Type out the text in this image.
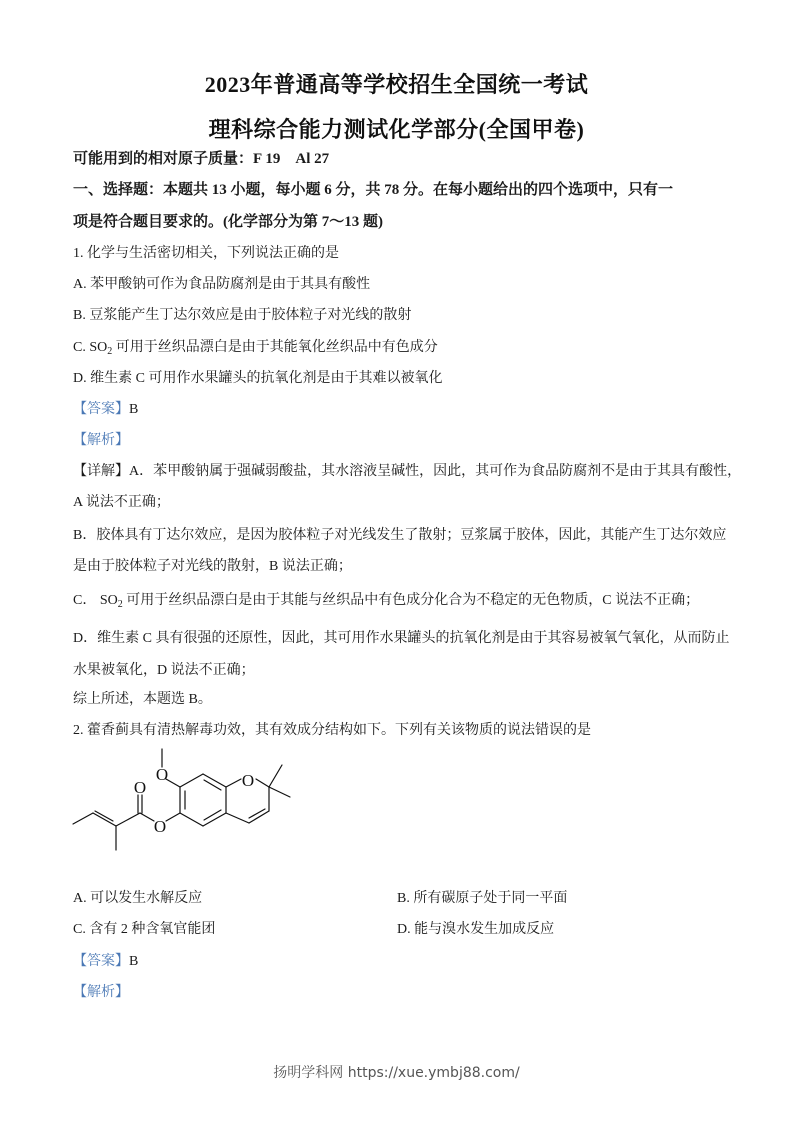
2023年普通高等学校招生全国统一考试
理科综合能力测试化学部分(全国甲卷)
可能用到的相对原子质量：F 19　Al 27
一、选择题：本题共 13 小题，每小题 6 分，共 78 分。在每小题给出的四个选项中，只有一
项是符合题目要求的。(化学部分为第 7～13 题)
1. 化学与生活密切相关，下列说法正确的是
A. 苯甲酸钠可作为食品防腐剂是由于其具有酸性
B. 豆浆能产生丁达尔效应是由于胶体粒子对光线的散射
C. $SO_2$ 可用于丝织品漂白是由于其能氧化丝织品中有色成分
D. 维生素 C 可用作水果罐头的抗氧化剂是由于其难以被氧化
【答案】B
【解析】
【详解】A．苯甲酸钠属于强碱弱酸盐，其水溶液呈碱性，因此，其可作为食品防腐剂不是由于其具有酸性，
A 说法不正确；
B．胶体具有丁达尔效应，是因为胶体粒子对光线发生了散射；豆浆属于胶体，因此，其能产生丁达尔效应
是由于胶体粒子对光线的散射，B 说法正确；
C． $SO_2$ 可用于丝织品漂白是由于其能与丝织品中有色成分化合为不稳定的无色物质，C 说法不正确；
D．维生素 C 具有很强的还原性，因此，其可用作水果罐头的抗氧化剂是由于其容易被氧气氧化，从而防止
水果被氧化，D 说法不正确；
综上所述，本题选 B。
2. 藿香蓟具有清热解毒功效，其有效成分结构如下。下列有关该物质的说法错误的是
O
O
O
O
A. 可以发生水解反应	B. 所有碳原子处于同一平面
C. 含有 2 种含氧官能团	D. 能与溴水发生加成反应
【答案】B
【解析】
扬明学科网 https://xue.ymbj88.com/
